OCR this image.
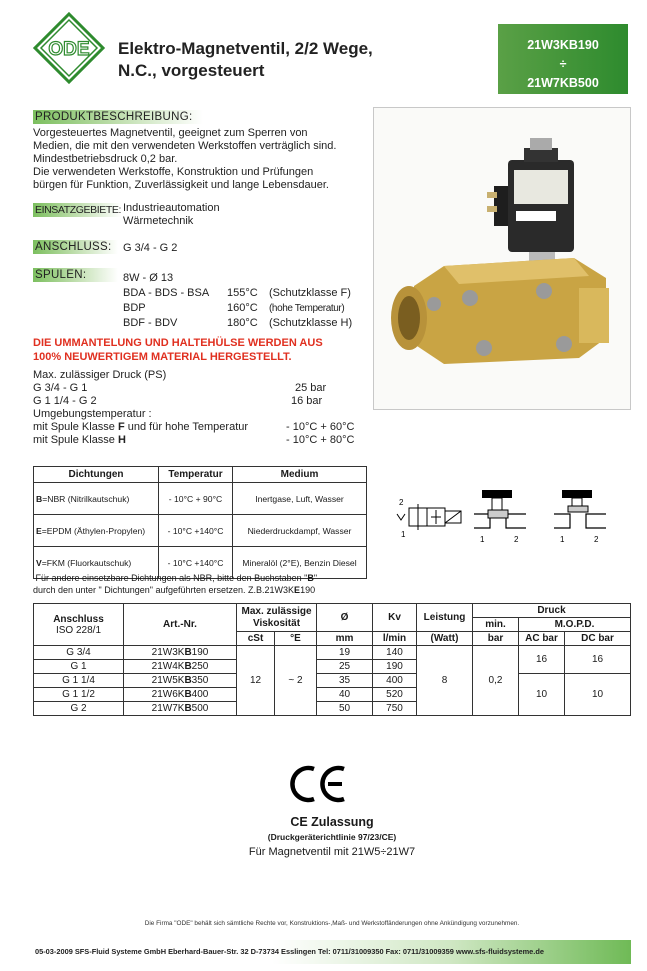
ODE Elektro-Magnetventil, 2/2 Wege,
N.C., vorgesteuert
21W3KB190
÷
21W7KB500
PRODUKTBESCHREIBUNG:
Vorgesteuertes Magnetventil, geeignet zum Sperren von
Medien, die mit den verwendeten Werkstoffen verträglich sind.
Mindestbetriebsdruck 0,2 bar.
Die verwendeten Werkstoffe, Konstruktion und Prüfungen
bürgen für Funktion, Zuverlässigkeit und lange Lebensdauer.
EINSATZGEBIETE: Industrieautomation
Wärmetechnik
ANSCHLUSS:	G 3/4 - G 2
SPULEN:	8W - Ø 13
BDA - BDS - BSA 155°C (Schutzklasse F)
BDP	160°C (hohe Temperatur)
BDF - BDV	180°C (Schutzklasse H)
DIE UMMANTELUNG UND HALTEHÜLSE WERDEN AUS
100% NEUWERTIGEM MATERIAL HERGESTELLT.
Max. zulässiger Druck (PS)
G 3/4 - G 1	25 bar
G 1 1/4 - G 2	16 bar
Umgebungstemperatur :
mit Spule Klasse F und für hohe Temperatur	- 10°C + 60°C
mit Spule Klasse H	- 10°C + 80°C
Dichtungen	Temperatur	Medium
B=NBR (Nitrilkautschuk)	- 10°C + 90°C	Inertgase, Luft, Wasser
E=EPDM (Äthylen-Propylen)	- 10°C +140°C	Niederdruckdampf, Wasser
V=FKM (Fluorkautschuk)	- 10°C +140°C	Mineralöl (2°E), Benzin Diesel
2
1
1	2	1	2
Für andere einsetzbare Dichtungen als NBR, bitte den Buchstaben "B"
durch den unter " Dichtungen" aufgeführten ersetzen. Z.B.21W3KE190
Anschluss
ISO 228/1	Art.-Nr.	Max. zulässige Viskosität		Ø	Kv	Leistung	Druck		
							min.	M.O.P.D.	
		cSt	°E	mm	l/min	(Watt)	bar	AC bar	DC bar
G 3/4	21W3KB190	12	~ 2	19	140	8	0,2	16	16
G 1	21W4KB250			25	190				
G 1 1/4	21W5KB350			35	400			10	10
G 1 1/2	21W6KB400			40	520				
G 2	21W7KB500			50	750				
CE Zulassung
(Druckgeräterichtlinie 97/23/CE)
Für Magnetventil mit 21W5÷21W7
Die Firma "ODE" behält sich sämtliche Rechte vor, Konstruktions-,Maß- und Werkstoffänderungen ohne Ankündigung vorzunehmen.
05-03-2009 SFS-Fluid Systeme GmbH Eberhard-Bauer-Str. 32 D-73734 Esslingen Tel: 0711/31009350 Fax: 0711/31009359 www.sfs-fluidsysteme.de
